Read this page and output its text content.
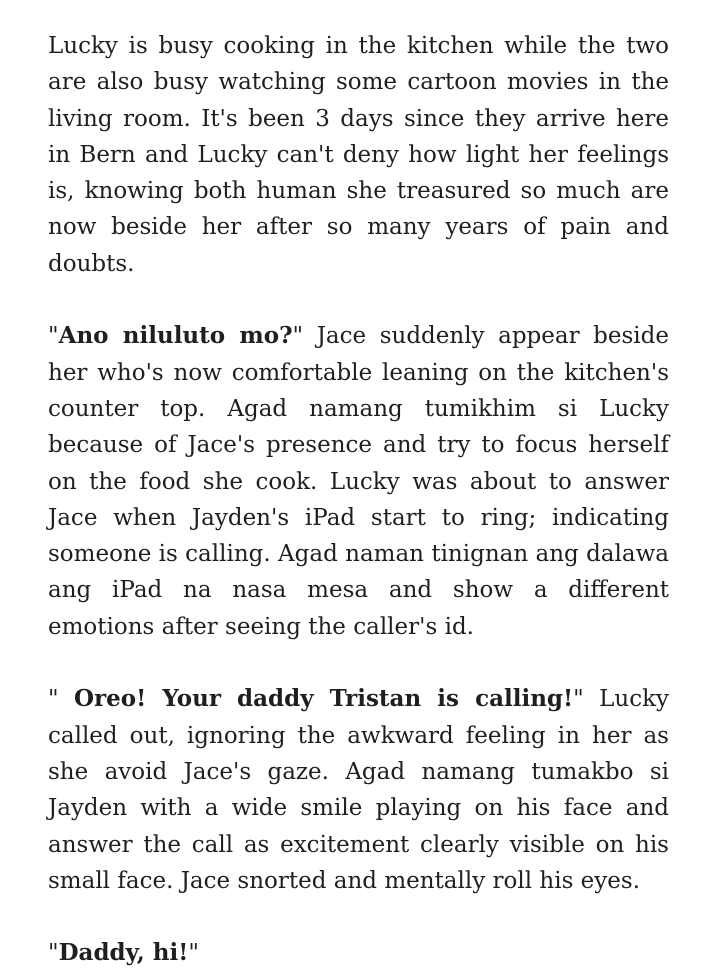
Lucky is busy cooking in the kitchen while the two are also busy watching some cartoon movies in the living room. It's been 3 days since they arrive here in Bern and Lucky can't deny how light her feelings is, knowing both human she treasured so much are now beside her after so many years of pain and doubts.

"Ano niluluto mo?" Jace suddenly appear beside her who's now comfortable leaning on the kitchen's counter top. Agad namang tumikhim si Lucky because of Jace's presence and try to focus herself on the food she cook. Lucky was about to answer Jace when Jayden's iPad start to ring; indicating someone is calling. Agad naman tinignan ang dalawa ang iPad na nasa mesa and show a different emotions after seeing the caller's id.

" Oreo! Your daddy Tristan is calling!" Lucky called out, ignoring the awkward feeling in her as she avoid Jace's gaze. Agad namang tumakbo si Jayden with a wide smile playing on his face and answer the call as excitement clearly visible on his small face. Jace snorted and mentally roll his eyes.

"Daddy, hi!"
